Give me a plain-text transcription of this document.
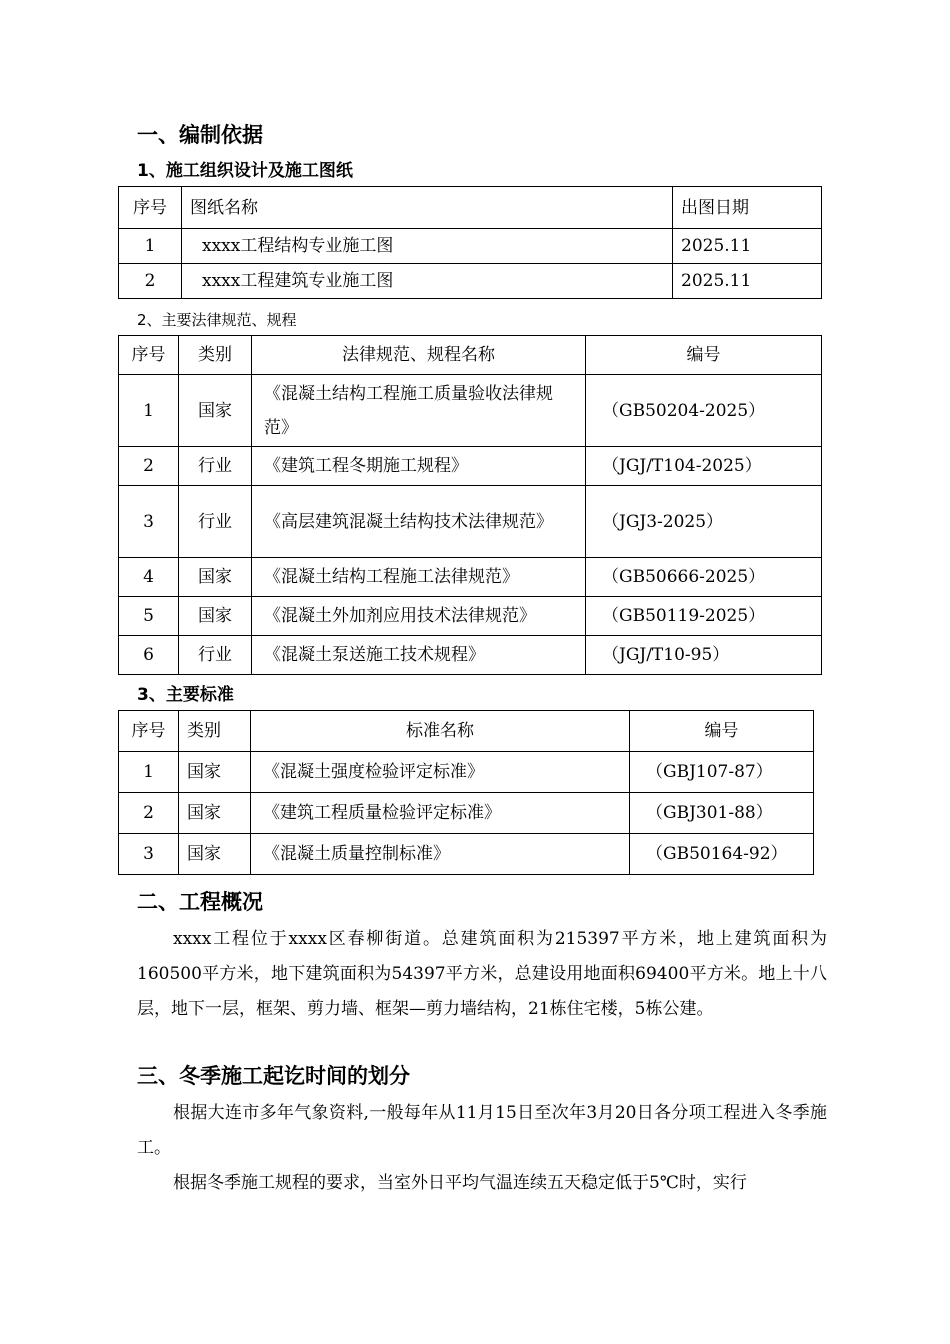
一、编制依据
1、施工组织设计及施工图纸
序号	图纸名称	出图日期
1	xxxx工程结构专业施工图	2025.11
2	xxxx工程建筑专业施工图	2025.11
2、主要法律规范、规程
序号	类别	法律规范、规程名称	编号
1	国家	《混凝土结构工程施工质量验收法律规范》	（GB50204-2025）
2	行业	《建筑工程冬期施工规程》	（JGJ/T104-2025）
3	行业	《高层建筑混凝土结构技术法律规范》	（JGJ3-2025）
4	国家	《混凝土结构工程施工法律规范》	（GB50666-2025）
5	国家	《混凝土外加剂应用技术法律规范》	（GB50119-2025）
6	行业	《混凝土泵送施工技术规程》	（JGJ/T10-95）
3、主要标准
序号	类别	标准名称	编号
1	国家	《混凝土强度检验评定标准》	（GBJ107-87）
2	国家	《建筑工程质量检验评定标准》	（GBJ301-88）
3	国家	《混凝土质量控制标准》	（GB50164-92）
二、工程概况
xxxx工程位于xxxx区春柳街道。总建筑面积为215397平方米，地上建筑面积为160500平方米，地下建筑面积为54397平方米，总建设用地面积69400平方米。地上十八层，地下一层，框架、剪力墙、框架—剪力墙结构，21栋住宅楼，5栋公建。
三、冬季施工起讫时间的划分
根据大连市多年气象资料,一般每年从11月15日至次年3月20日各分项工程进入冬季施工。
根据冬季施工规程的要求，当室外日平均气温连续五天稳定低于5℃时，实行
